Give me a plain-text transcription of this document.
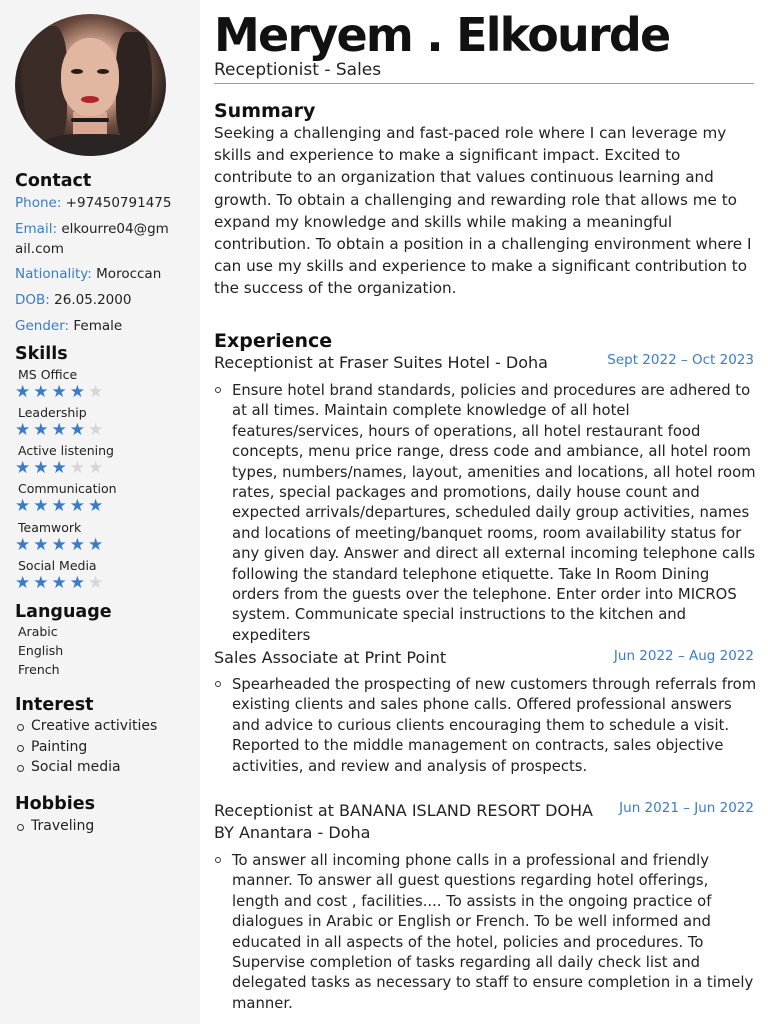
Contact
Phone: +97450791475
Email: elkourre04@gm
ail.com
Nationality: Moroccan
DOB: 26.05.2000
Gender: Female
Skills
MS Office
★★★★★
Leadership
★★★★★
Active listening
★★★★★
Communication
★★★★★
Teamwork
★★★★★
Social Media
★★★★★
Language
Arabic
English
French
Interest
Creative activities
Painting
Social media
Hobbies
Traveling
Meryem . Elkourde
Receptionist - Sales
Summary

Seeking a challenging and fast-paced role where I can leverage my skills and experience to make a significant impact. Excited to contribute to an organization that values continuous learning and growth. To obtain a challenging and rewarding role that allows me to expand my knowledge and skills while making a meaningful contribution. To obtain a position in a challenging environment where I can use my skills and experience to make a significant contribution to the success of the organization.

Experience
Receptionist at Fraser Suites Hotel - Doha	Sept 2022 – Oct 2023

Ensure hotel brand standards, policies and procedures are adhered to at all times. Maintain complete knowledge of all hotel features/services, hours of operations, all hotel restaurant food concepts, menu price range, dress code and ambiance, all hotel room types, numbers/names, layout, amenities and locations, all hotel room rates, special packages and promotions, daily house count and expected arrivals/departures, scheduled daily group activities, names and locations of meeting/banquet rooms, room availability status for any given day. Answer and direct all external incoming telephone calls following the standard telephone etiquette. Take In Room Dining orders from the guests over the telephone. Enter order into MICROS system. Communicate special instructions to the kitchen and expediters

Sales Associate at Print Point	Jun 2022 – Aug 2022

Spearheaded the prospecting of new customers through referrals from existing clients and sales phone calls. Offered professional answers and advice to curious clients encouraging them to schedule a visit. Reported to the middle management on contracts, sales objective activities, and review and analysis of prospects.

Receptionist at BANANA ISLAND RESORT DOHA BY Anantara - Doha
Jun 2021 – Jun 2022

To answer all incoming phone calls in a professional and friendly manner. To answer all guest questions regarding hotel offerings, length and cost , facilities.... To assists in the ongoing practice of dialogues in Arabic or English or French. To be well informed and educated in all aspects of the hotel, policies and procedures. To Supervise completion of tasks regarding all daily check list and delegated tasks as necessary to staff to ensure completion in a timely manner.
